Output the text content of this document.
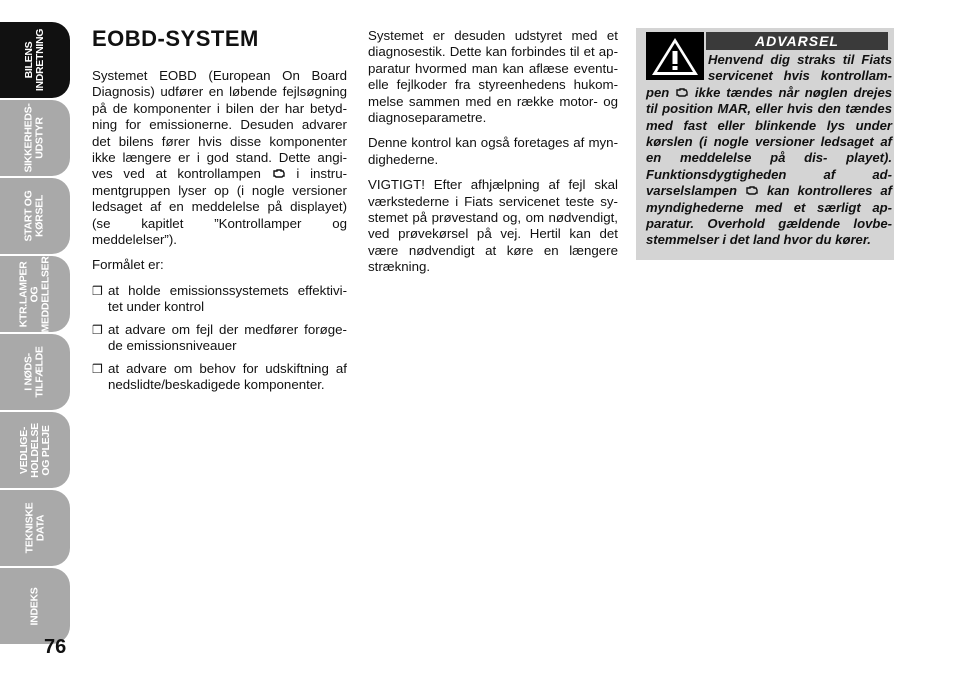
BILENS
INDRETNING
SIKKERHEDS-
UDSTYR
START OG
KØRSEL
KTR.LAMPER
OG
MEDDELELSER
I NØDS-
TILFÆLDE
VEDLIGE-
HOLDELSE
OG PLEJE
TEKNISKE
DATA
INDEKS
76
EOBD-SYSTEM

Systemet EOBD (European On Board Diagnosis) udfører en løbende fejlsøgning på de komponenter i bilen der har betyd- ning for emissionerne. Desuden advarer det bilens fører hvis disse komponenter ikke længere er i god stand. Dette angi- ves ved at kontrollampen	i instru- mentgruppen lyser op (i nogle versioner ledsaget af en meddelelse på displayet) (se kapitlet ”Kontrollamper og meddelelser”).

Formålet er:

❒ at holde emissionssystemets effektivi- tet under kontrol
❒ at advare om fejl der medfører forøge- de emissionsniveauer
❒ at advare om behov for udskiftning af nedslidte/beskadigede komponenter.

Systemet er desuden udstyret med et diagnosestik. Dette kan forbindes til et ap- paratur hvormed man kan aflæse eventu- elle fejlkoder fra styreenhedens hukom- melse sammen med en række motor- og diagnoseparametre.

Denne kontrol kan også foretages af myn- dighederne.

VIGTIGT! Efter afhjælpning af fejl skal værkstederne i Fiats servicenet teste sy- stemet på prøvestand og, om nødvendigt, ved prøvekørsel på vej. Hertil kan det være nødvendigt at køre en længere strækning.

ADVARSEL
Henvend dig straks til Fiats servicenet hvis kontrollam- pen ikke tændes når nøglen drejes til position MAR, eller hvis den tændes med fast eller blinkende lys under kørslen (i nogle versioner ledsaget af en meddelelse på dis- playet). Funktionsdygtigheden af ad- varselslampen kan kontrolleres af myndighederne med et særligt ap- paratur. Overhold gældende lovbe- stemmelser i det land hvor du kører.
